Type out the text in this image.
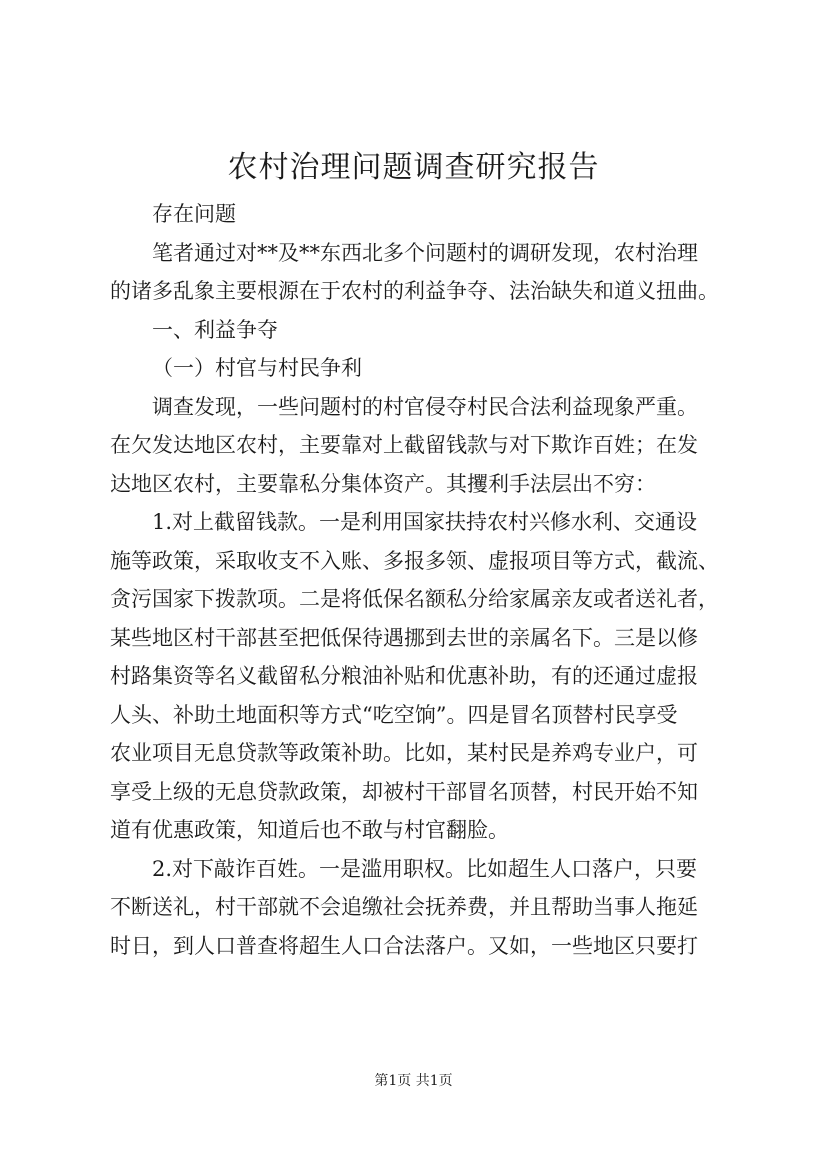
农村治理问题调查研究报告

存在问题

笔者通过对**及**东西北多个问题村的调研发现，农村治理

的诸多乱象主要根源在于农村的利益争夺、法治缺失和道义扭曲。

一、利益争夺

（一）村官与村民争利

调查发现，一些问题村的村官侵夺村民合法利益现象严重。

在欠发达地区农村，主要靠对上截留钱款与对下欺诈百姓；在发

达地区农村，主要靠私分集体资产。其攫利手法层出不穷：

1.对上截留钱款。一是利用国家扶持农村兴修水利、交通设

施等政策，采取收支不入账、多报多领、虚报项目等方式，截流、

贪污国家下拨款项。二是将低保名额私分给家属亲友或者送礼者，

某些地区村干部甚至把低保待遇挪到去世的亲属名下。三是以修

村路集资等名义截留私分粮油补贴和优惠补助，有的还通过虚报

人头、补助土地面积等方式“吃空饷”。四是冒名顶替村民享受

农业项目无息贷款等政策补助。比如，某村民是养鸡专业户，可

享受上级的无息贷款政策，却被村干部冒名顶替，村民开始不知

道有优惠政策，知道后也不敢与村官翻脸。

2.对下敲诈百姓。一是滥用职权。比如超生人口落户，只要

不断送礼，村干部就不会追缴社会抚养费，并且帮助当事人拖延

时日，到人口普查将超生人口合法落户。又如，一些地区只要打

第1页 共1页
